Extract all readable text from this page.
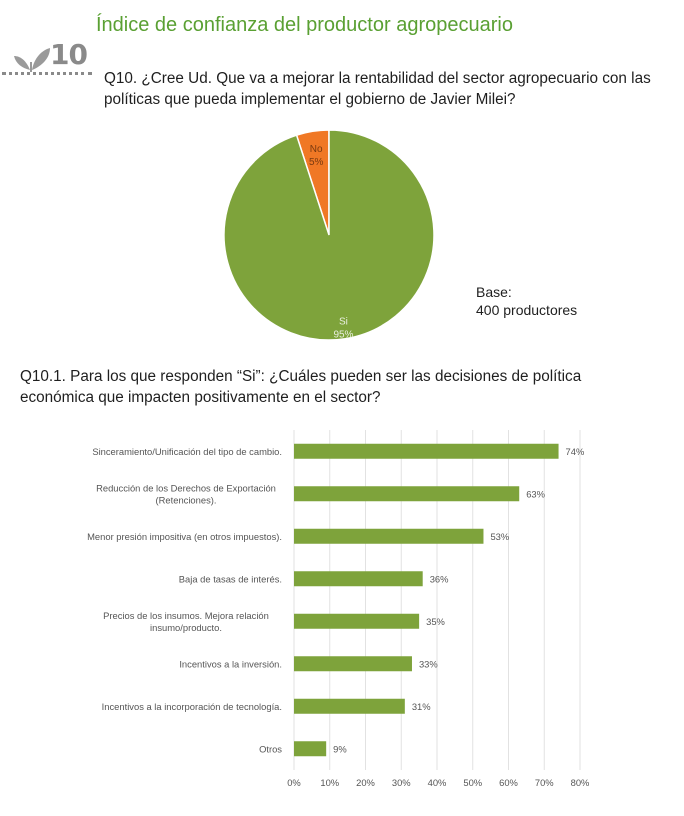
10
Índice de confianza del productor agropecuario
Q10. ¿Cree Ud. Que va a mejorar la rentabilidad del sector agropecuario con las políticas que pueda implementar el gobierno de Javier Milei?
No
5%
Si
95%
Base:
400 productores
Q10.1. Para los que responden “Si”: ¿Cuáles pueden ser las decisiones de política económica que impacten positivamente en el sector?
0% 10% 20% 30% 40% 50% 60% 70% 80%
74%
Sinceramiento/Unificación del tipo de cambio.
63%
Reducción de los Derechos de Exportación (Retenciones).
53%
Menor presión impositiva (en otros impuestos).
36%
Baja de tasas de interés.
35%
Precios de los insumos. Mejora relación insumo/producto.
33%
Incentivos a la inversión.
31%
Incentivos a la incorporación de tecnología.
9%
Otros
